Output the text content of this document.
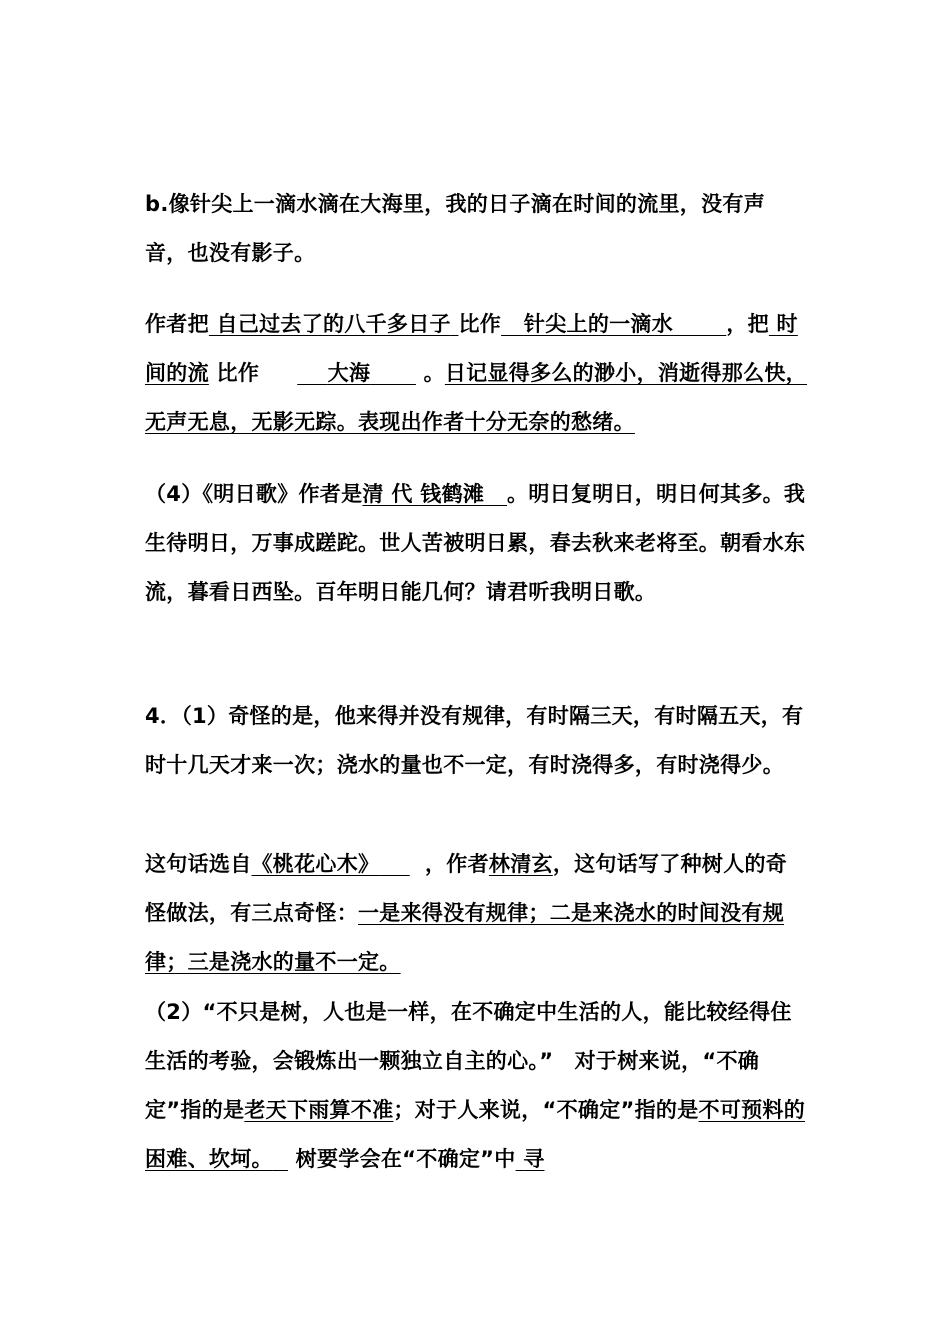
b.像针尖上一滴水滴在大海里，我的日子滴在时间的流里，没有声音，也没有影子。
作者把 自己过去了的八千多日子 比作 针尖上的一滴水	，把 时间的流 比作	大海	。日记显得多么的渺小，消逝得那么快，无声无息，无影无踪。表现出作者十分无奈的愁绪。
（4）《明日歌》作者是清 代 钱鹤滩 。明日复明日，明日何其多。我生待明日，万事成蹉跎。世人苦被明日累，春去秋来老将至。朝看水东流，暮看日西坠。百年明日能几何？请君听我明日歌。
4．（1）奇怪的是，他来得并没有规律，有时隔三天，有时隔五天，有时十几天才来一次；浇水的量也不一定，有时浇得多，有时浇得少。
这句话选自《桃花心木》 ，作者林清玄，这句话写了种树人的奇怪做法，有三点奇怪：一是来得没有规律；二是来浇水的时间没有规律；三是浇水的量不一定。
（2）“不只是树，人也是一样，在不确定中生活的人，能比较经得住生活的考验，会锻炼出一颗独立自主的心。”　对于树来说，“不确定”指的是老天下雨算不准；对于人来说，“不确定”指的是不可预料的困难、坎坷。 树要学会在“不确定”中 寻
